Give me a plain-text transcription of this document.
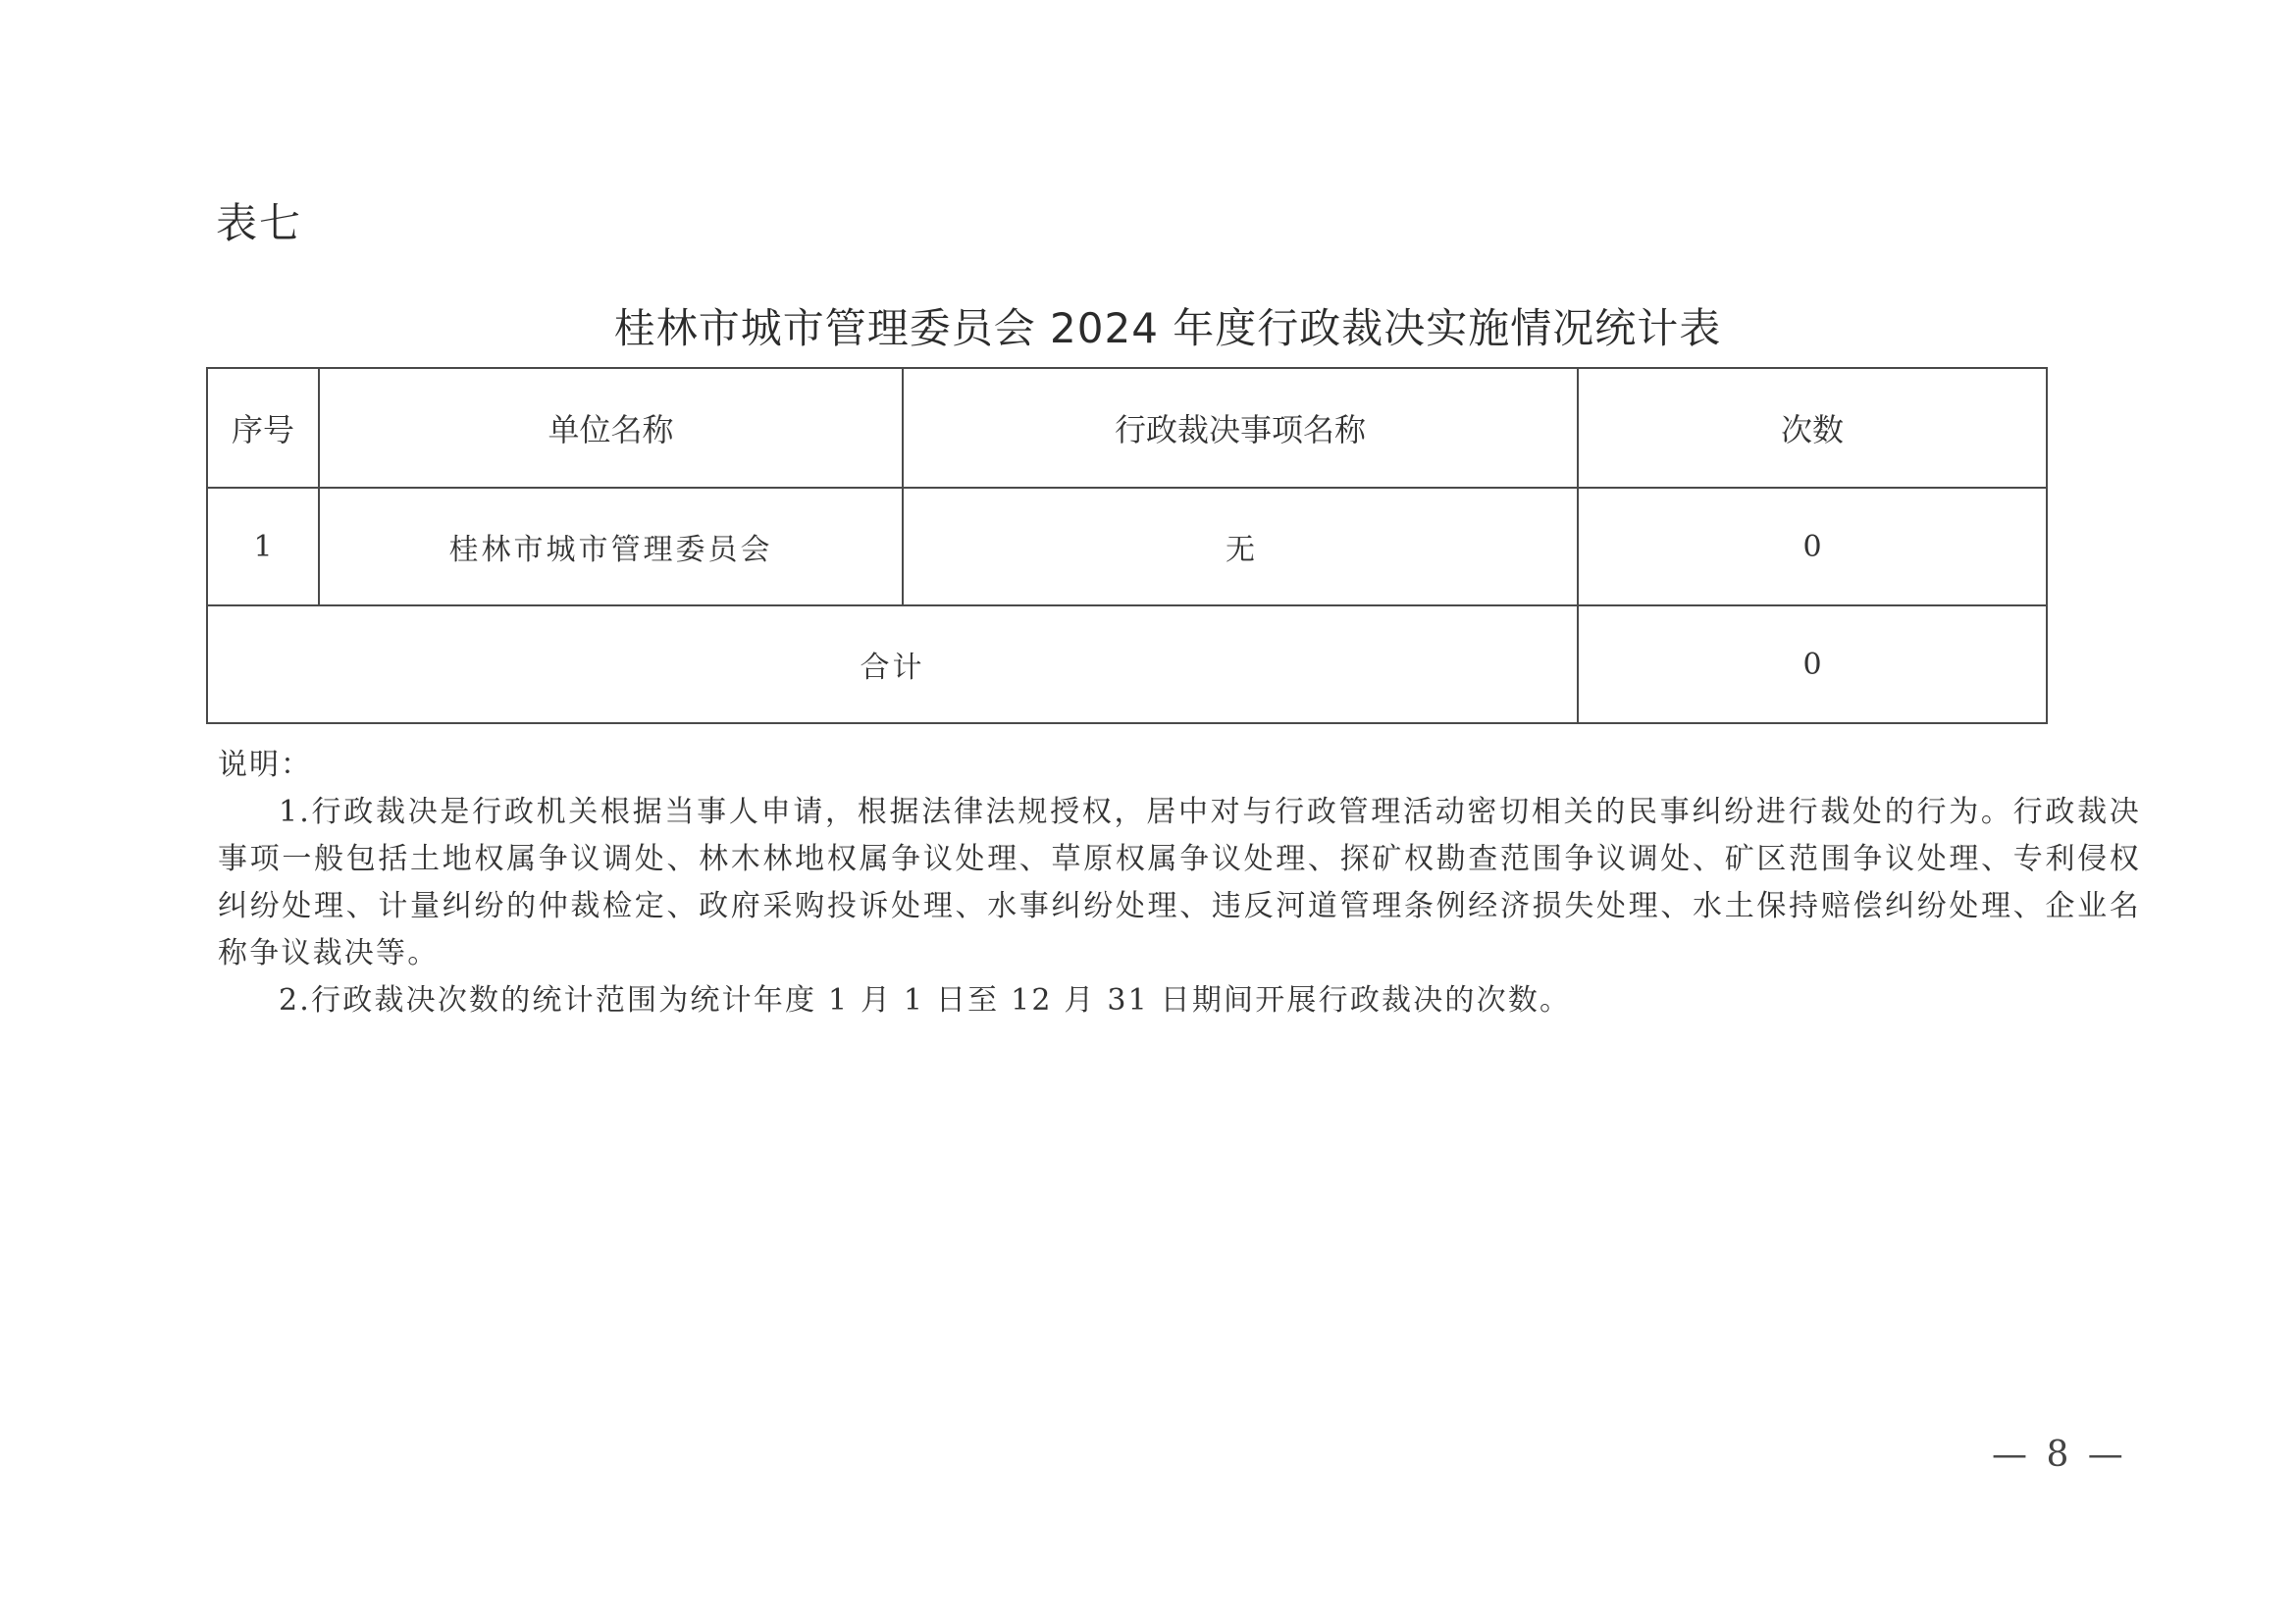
表七
桂林市城市管理委员会 2024 年度行政裁决实施情况统计表
序号	单位名称	行政裁决事项名称	次数
1	桂林市城市管理委员会	无	0
合计			0
说明：

1.行政裁决是行政机关根据当事人申请，根据法律法规授权，居中对与行政管理活动密切相关的民事纠纷进行裁处的行为。行政裁决事项一般包括土地权属争议调处、林木林地权属争议处理、草原权属争议处理、探矿权勘查范围争议调处、矿区范围争议处理、专利侵权纠纷处理、计量纠纷的仲裁检定、政府采购投诉处理、水事纠纷处理、违反河道管理条例经济损失处理、水土保持赔偿纠纷处理、企业名称争议裁决等。

2.行政裁决次数的统计范围为统计年度 1 月 1 日至 12 月 31 日期间开展行政裁决的次数。

— 8 —
